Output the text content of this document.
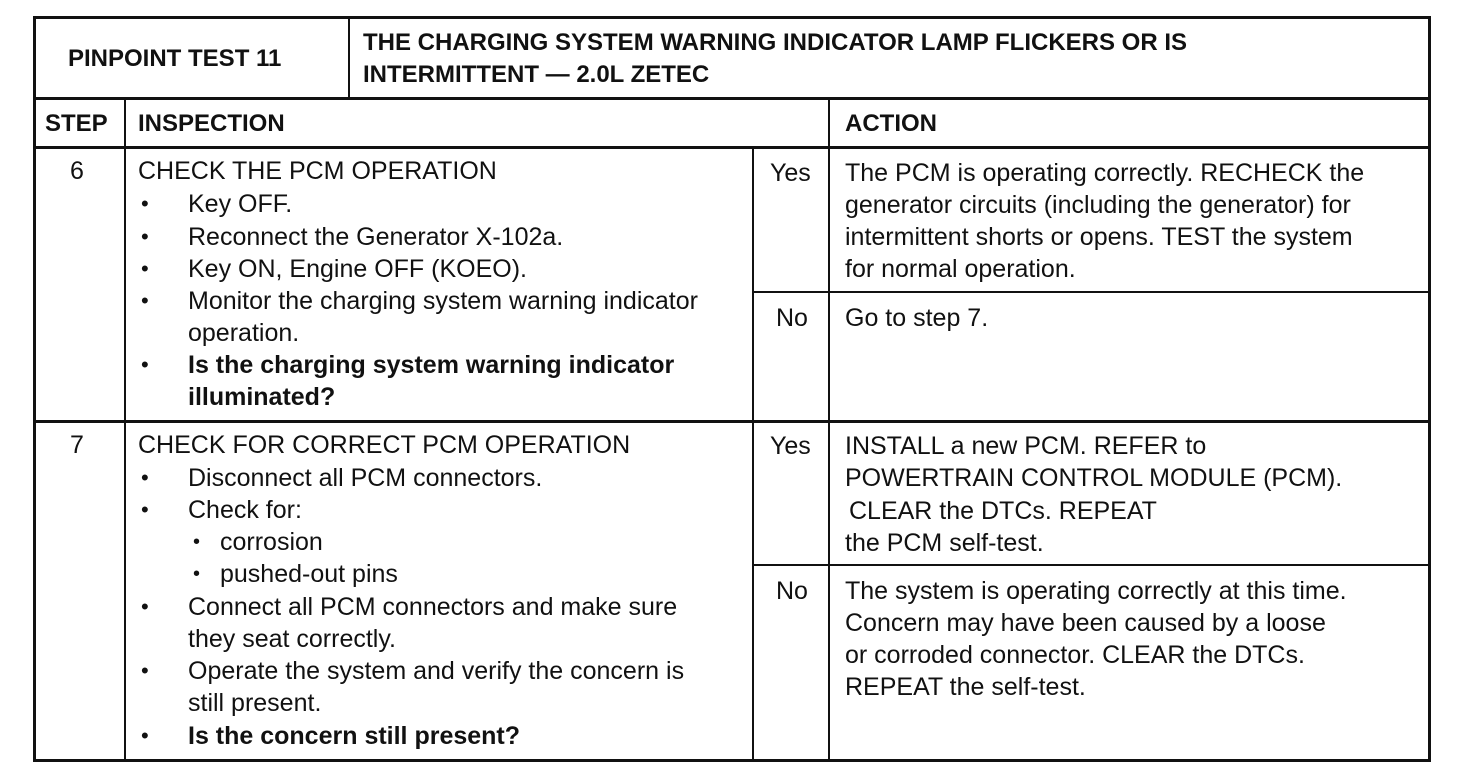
PINPOINT TEST 11
THE CHARGING SYSTEM WARNING INDICATOR LAMP FLICKERS OR IS
INTERMITTENT — 2.0L ZETEC
STEP INSPECTION	ACTION
6 CHECK THE PCM OPERATION
• Key OFF.
• Reconnect the Generator X-102a.
• Key ON, Engine OFF (KOEO).
• Monitor the charging system warning indicator
operation.
• Is the charging system warning indicator
illuminated?
Yes The PCM is operating correctly. RECHECK the
generator circuits (including the generator) for
intermittent shorts or opens. TEST the system
for normal operation.
No Go to step 7.
7 CHECK FOR CORRECT PCM OPERATION
• Disconnect all PCM connectors.
• Check for:
• corrosion
• pushed-out pins
• Connect all PCM connectors and make sure
they seat correctly.
• Operate the system and verify the concern is
still present.
• Is the concern still present?
Yes INSTALL a new PCM. REFER to
POWERTRAIN CONTROL MODULE (PCM).
CLEAR the DTCs. REPEAT
the PCM self-test.
No The system is operating correctly at this time.
Concern may have been caused by a loose
or corroded connector. CLEAR the DTCs.
REPEAT the self-test.
